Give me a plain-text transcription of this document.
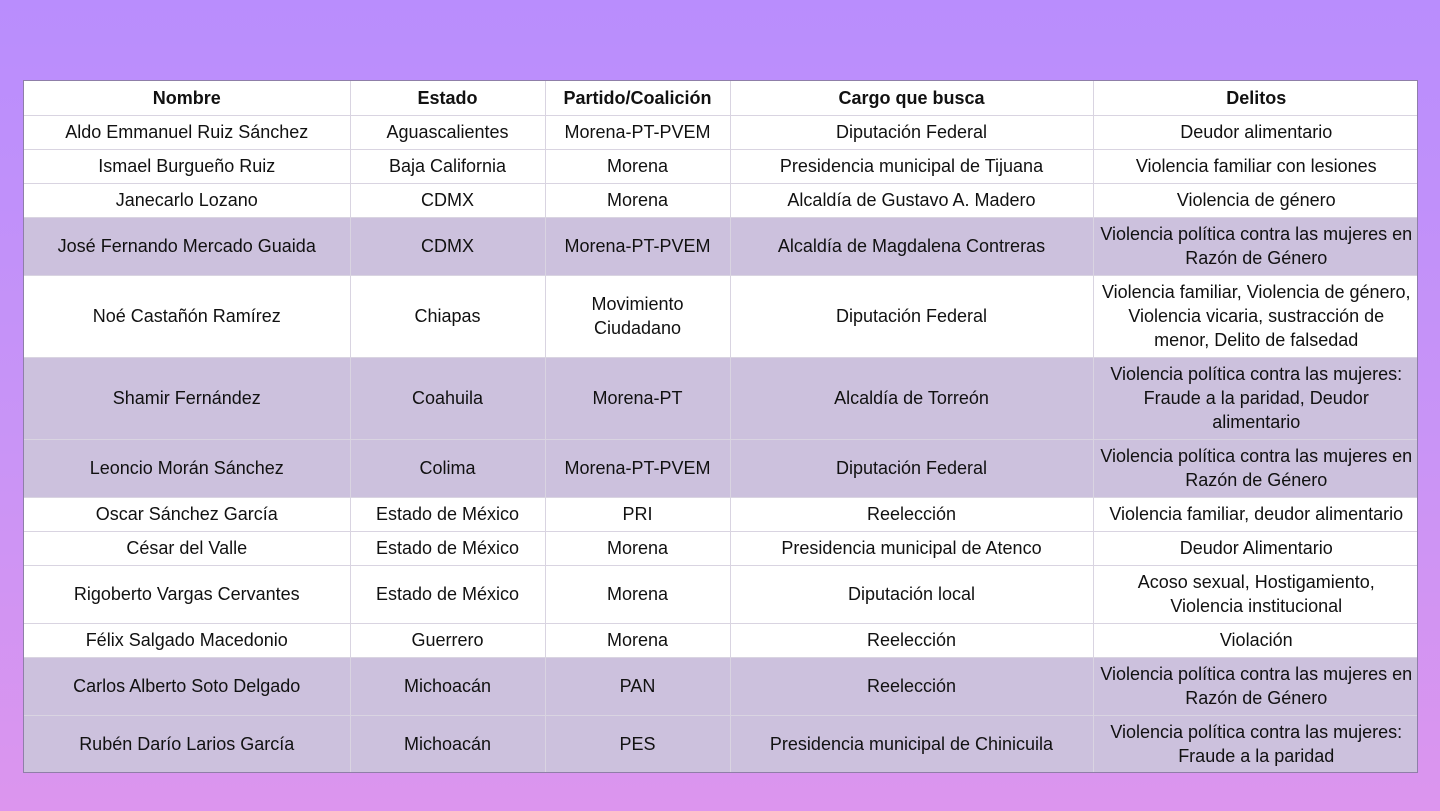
Nombre	Estado	Partido/Coalición	Cargo que busca	Delitos
Aldo Emmanuel Ruiz Sánchez	Aguascalientes	Morena-PT-PVEM	Diputación Federal	Deudor alimentario
Ismael Burgueño Ruiz	Baja California	Morena	Presidencia municipal de Tijuana	Violencia familiar con lesiones
Janecarlo Lozano	CDMX	Morena	Alcaldía de Gustavo A. Madero	Violencia de género
José Fernando Mercado Guaida	CDMX	Morena-PT-PVEM	Alcaldía de Magdalena Contreras	Violencia política contra las mujeres en Razón de Género
Noé Castañón Ramírez	Chiapas	Movimiento Ciudadano	Diputación Federal	Violencia familiar, Violencia de género, Violencia vicaria, sustracción de menor, Delito de falsedad
Shamir Fernández	Coahuila	Morena-PT	Alcaldía de Torreón	Violencia política contra las mujeres: Fraude a la paridad, Deudor alimentario
Leoncio Morán Sánchez	Colima	Morena-PT-PVEM	Diputación Federal	Violencia política contra las mujeres en Razón de Género
Oscar Sánchez García	Estado de México	PRI	Reelección	Violencia familiar, deudor alimentario
César del Valle	Estado de México	Morena	Presidencia municipal de Atenco	Deudor Alimentario
Rigoberto Vargas Cervantes	Estado de México	Morena	Diputación local	Acoso sexual, Hostigamiento, Violencia institucional
Félix Salgado Macedonio	Guerrero	Morena	Reelección	Violación
Carlos Alberto Soto Delgado	Michoacán	PAN	Reelección	Violencia política contra las mujeres en Razón de Género
Rubén Darío Larios García	Michoacán	PES	Presidencia municipal de Chinicuila	Violencia política contra las mujeres: Fraude a la paridad
